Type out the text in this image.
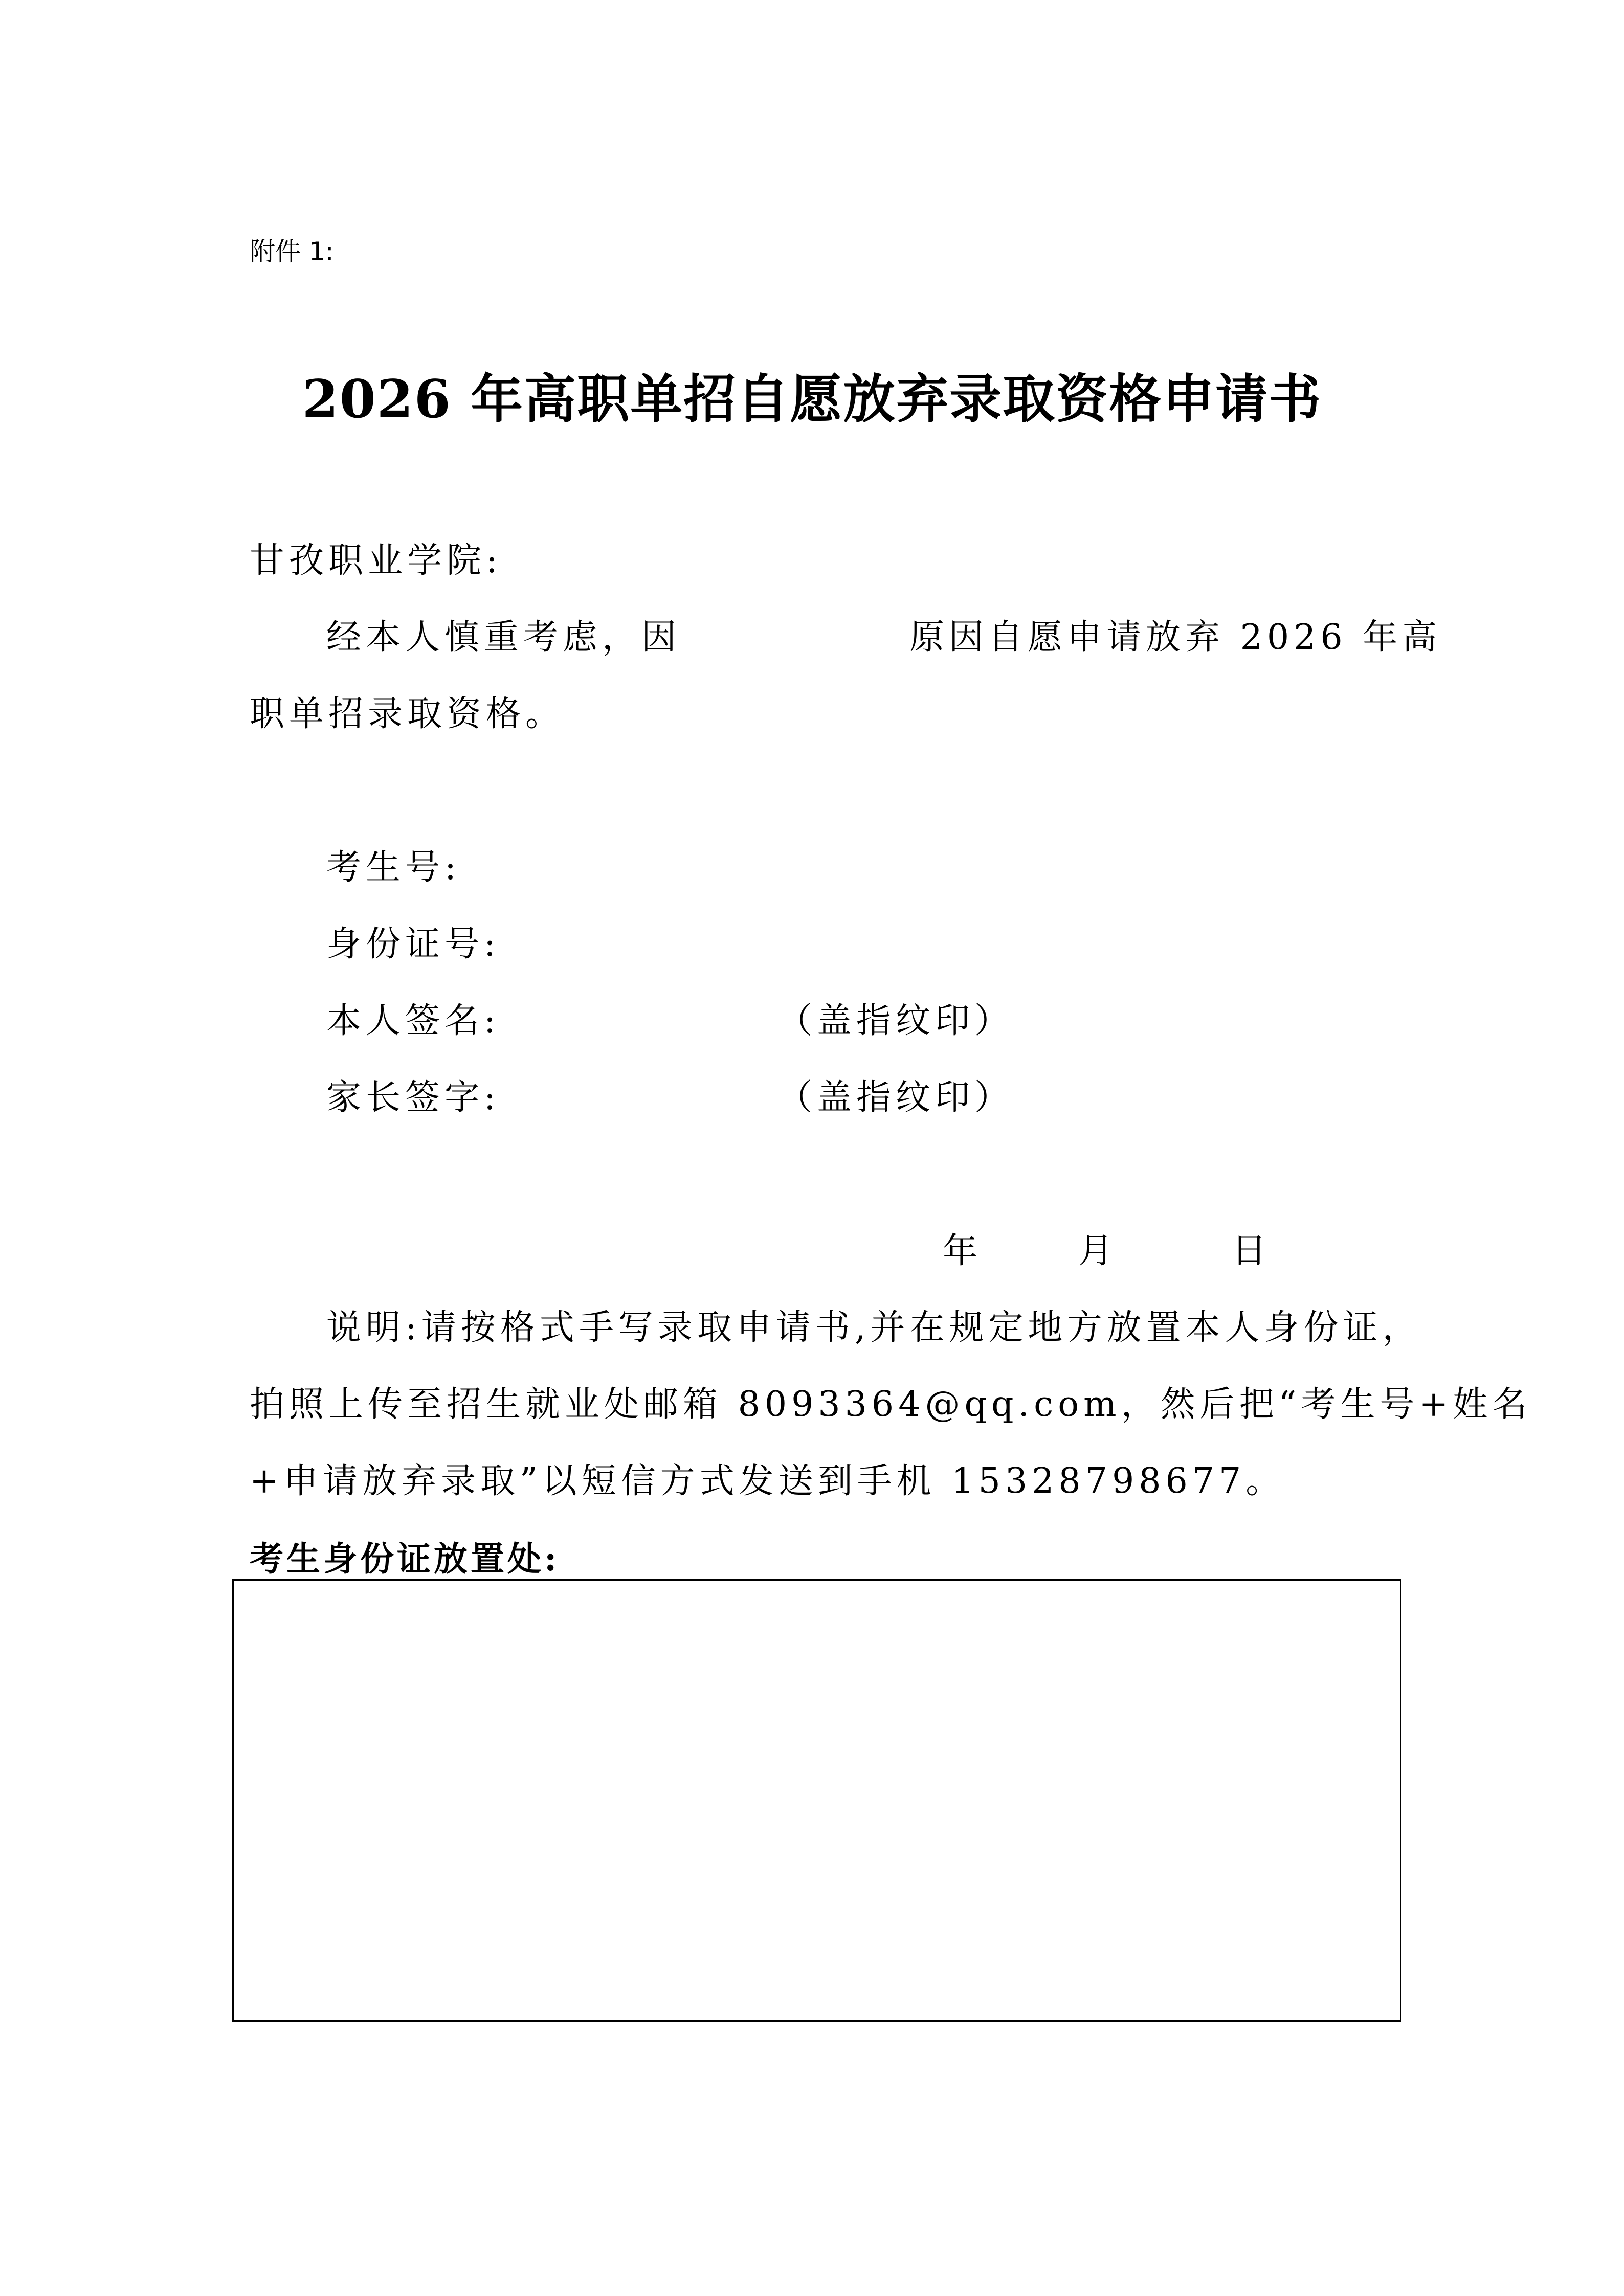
附件 1:
2026 年高职单招自愿放弃录取资格申请书
甘孜职业学院:
经本人慎重考虑，因	原因自愿申请放弃 2026 年高
职单招录取资格。
考生号:
身份证号:
本人签名:	（盖指纹印）
家长签字:	（盖指纹印）
年	月	日
说明:请按格式手写录取申请书,并在规定地方放置本人身份证，
拍照上传至招生就业处邮箱 8093364@qq.com，然后把“考生号+姓名
+申请放弃录取”以短信方式发送到手机 15328798677。
考生身份证放置处:
